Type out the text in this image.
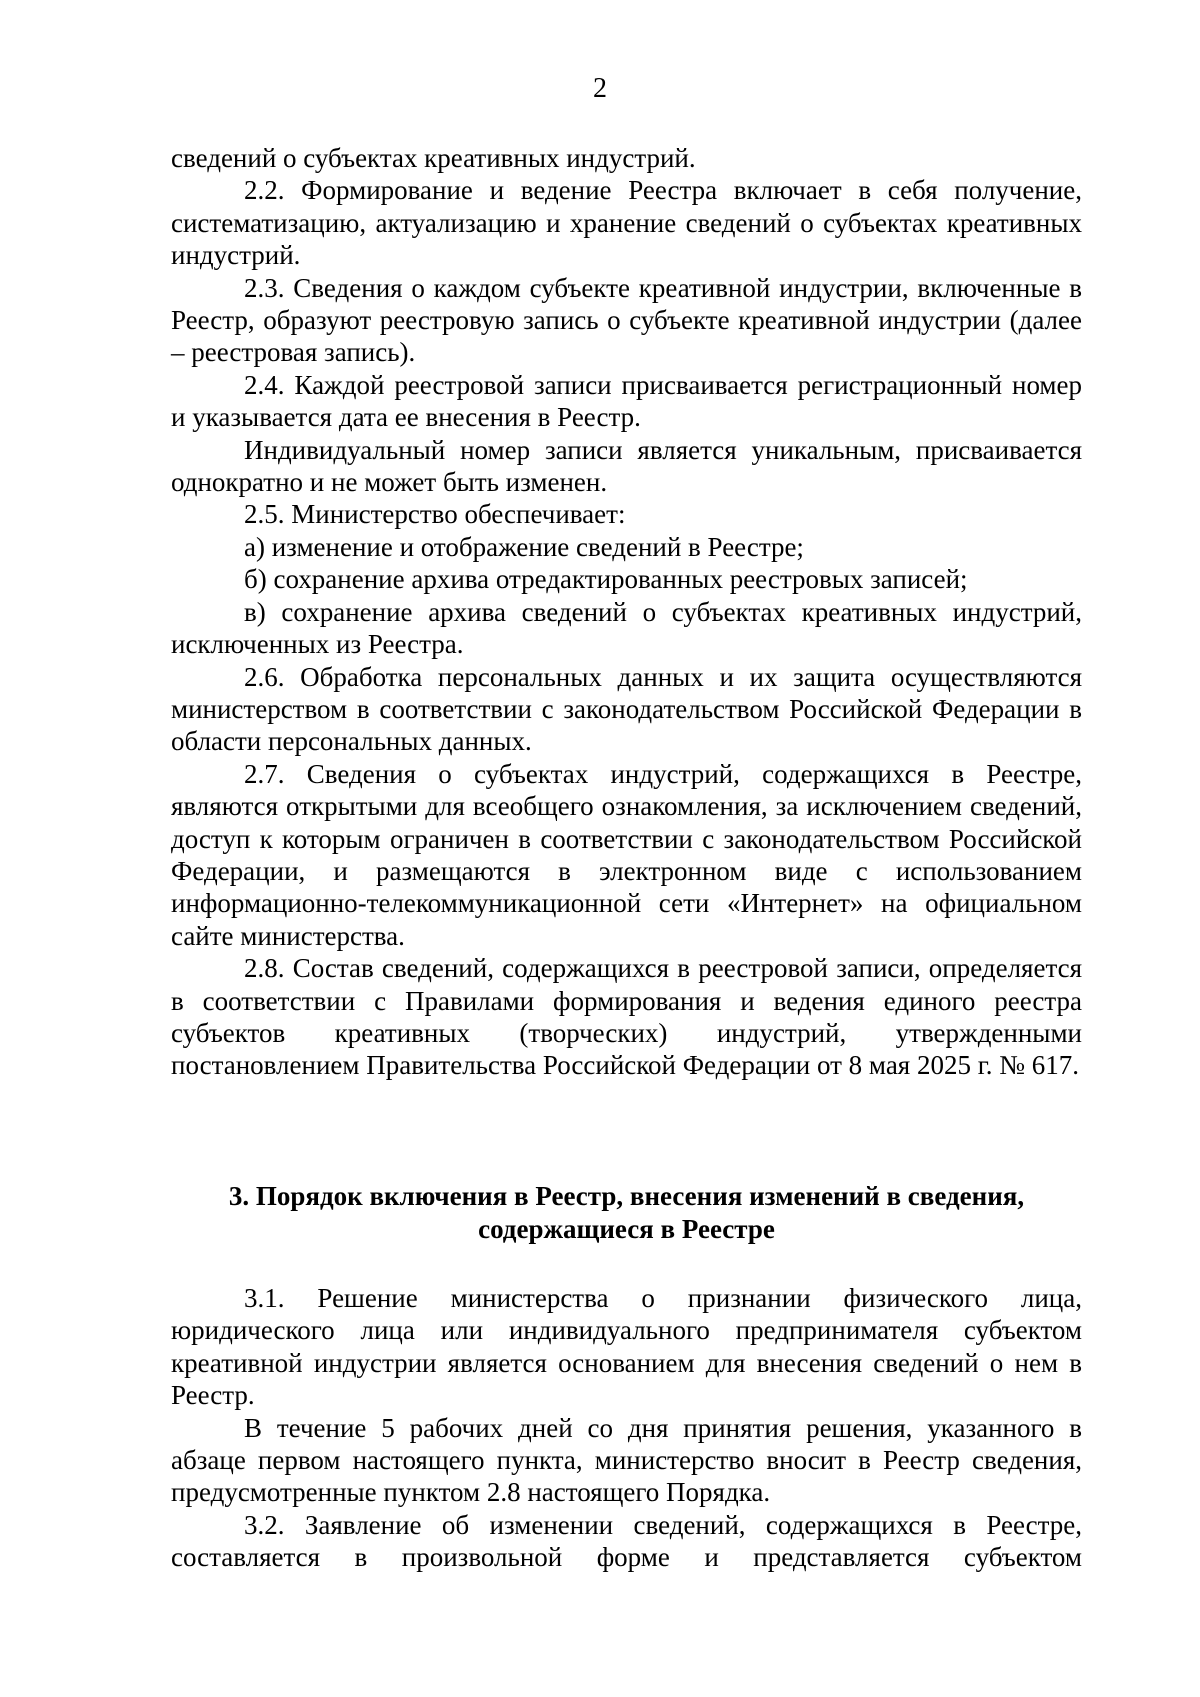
2

сведений о субъектах креативных индустрий.

2.2. Формирование и ведение Реестра включает в себя получение, систематизацию, актуализацию и хранение сведений о субъектах креативных индустрий.

2.3. Сведения о каждом субъекте креативной индустрии, включенные в Реестр, образуют реестровую запись о субъекте креативной индустрии (далее – реестровая запись).

2.4. Каждой реестровой записи присваивается регистрационный номер и указывается дата ее внесения в Реестр.

Индивидуальный номер записи является уникальным, присваивается однократно и не может быть изменен.

2.5. Министерство обеспечивает:

а) изменение и отображение сведений в Реестре;

б) сохранение архива отредактированных реестровых записей;

в) сохранение архива сведений о субъектах креативных индустрий, исключенных из Реестра.

2.6. Обработка персональных данных и их защита осуществляются министерством в соответствии с законодательством Российской Федерации в области персональных данных.

2.7. Сведения о субъектах индустрий, содержащихся в Реестре, являются открытыми для всеобщего ознакомления, за исключением сведений, доступ к которым ограничен в соответствии с законодательством Российской Федерации, и размещаются в электронном виде с использованием информационно-телекоммуникационной сети «Интернет» на официальном сайте министерства.

2.8. Состав сведений, содержащихся в реестровой записи, определяется в соответствии с Правилами формирования и ведения единого реестра субъектов креативных (творческих) индустрий, утвержденными постановлением Правительства Российской Федерации от 8 мая 2025 г. № 617.

3. Порядок включения в Реестр, внесения изменений в сведения,
содержащиеся в Реестре

3.1. Решение министерства о признании физического лица, юридического лица или индивидуального предпринимателя субъектом креативной индустрии является основанием для внесения сведений о нем в Реестр.

В течение 5 рабочих дней со дня принятия решения, указанного в абзаце первом настоящего пункта, министерство вносит в Реестр сведения, предусмотренные пунктом 2.8 настоящего Порядка.

3.2. Заявление об изменении сведений, содержащихся в Реестре, составляется в произвольной форме и представляется субъектом
